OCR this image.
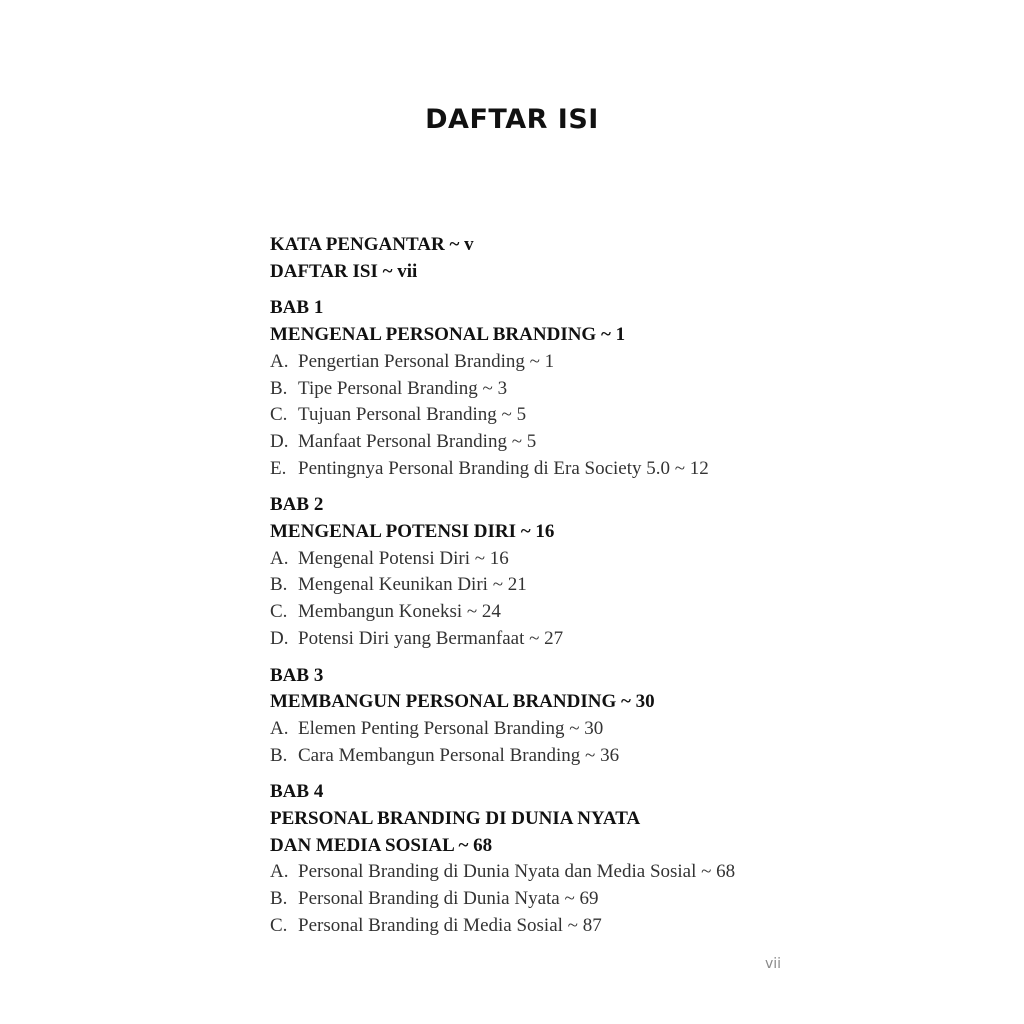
DAFTAR ISI
KATA PENGANTAR ~ v
DAFTAR ISI ~ vii
BAB 1
MENGENAL PERSONAL BRANDING ~ 1
A. Pengertian Personal Branding ~ 1
B. Tipe Personal Branding ~ 3
C. Tujuan Personal Branding ~ 5
D. Manfaat Personal Branding ~ 5
E. Pentingnya Personal Branding di Era Society 5.0 ~ 12
BAB 2
MENGENAL POTENSI DIRI ~ 16
A. Mengenal Potensi Diri ~ 16
B. Mengenal Keunikan Diri ~ 21
C. Membangun Koneksi ~ 24
D. Potensi Diri yang Bermanfaat ~ 27
BAB 3
MEMBANGUN PERSONAL BRANDING ~ 30
A. Elemen Penting Personal Branding ~ 30
B. Cara Membangun Personal Branding ~ 36
BAB 4
PERSONAL BRANDING DI DUNIA NYATA
DAN MEDIA SOSIAL ~ 68
A. Personal Branding di Dunia Nyata dan Media Sosial ~ 68
B. Personal Branding di Dunia Nyata ~ 69
C. Personal Branding di Media Sosial ~ 87
vii
